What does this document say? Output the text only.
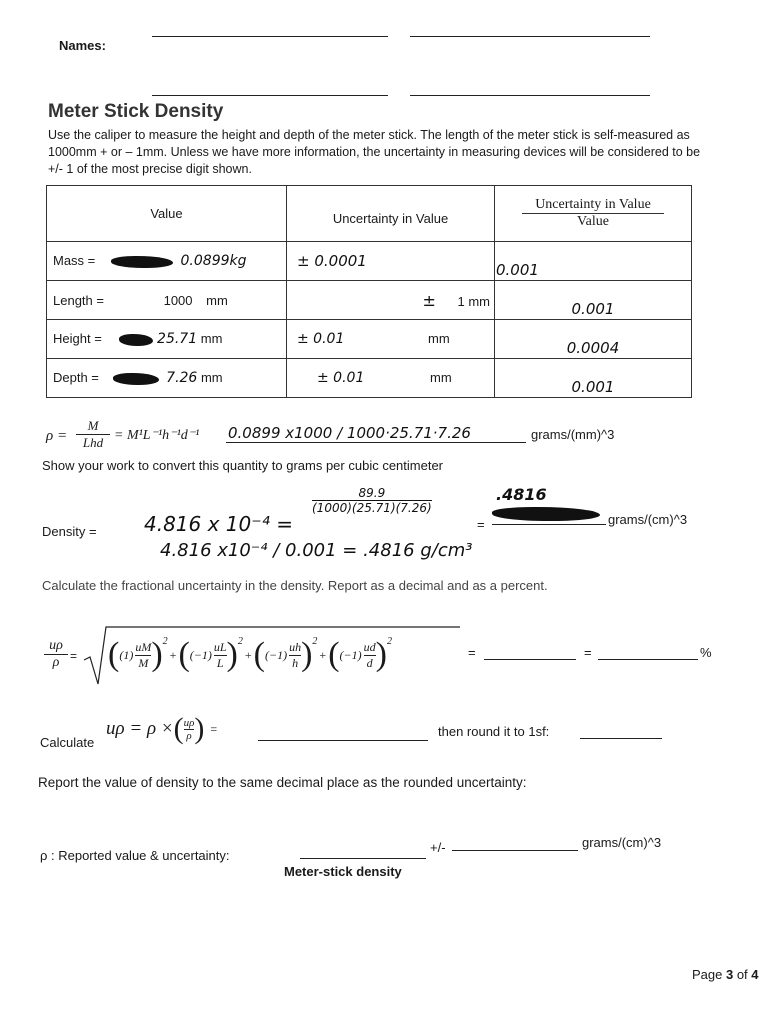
Names:
Meter Stick Density
Use the caliper to measure the height and depth of the meter stick. The length of the meter stick is self-measured as 1000mm + or – 1mm. Unless we have more information, the uncertainty in measuring devices will be considered to be +/- 1 of the most precise digit shown.
Value	Uncertainty in Value	Uncertainty in Value
Value

Mass = 0.0899kg	± 0.0001	0.001
Length = 1000 mm	± 1 mm	0.001
Height = 25.71 mm	± 0.01 mm	0.0004
Depth = 7.26 mm	± 0.01 mm	0.001
ρ =
M
Lhd = M¹L⁻¹h⁻¹d⁻¹ 0.0899 x1000 / 1000·25.71·7.26	grams/(mm)^3
Show your work to convert this quantity to grams per cubic centimeter
Density = 4.816 x 10⁻⁴ =
$\frac{89.9}{(1000)(25.71)(7.26)}$
4.816 x10⁻⁴ / 0.001 = .4816 g/cm³
=
.4816
grams/(cm)^3
Calculate the fractional uncertainty in the density. Report as a decimal and as a percent.
$\frac{u\rho}{\rho}$ = ( $(1) \frac{uM}{M} )^2$
+ ( $(-1) \frac{uL}{L} )^2$
+ ( $(-1) \frac{uh}{h} )^2$
+ ( $(-1) \frac{ud}{d} )^2$
=	=	%
Calculate
uρ = ρ × ( $\frac{u\rho}{\rho}$ ) =	then round it to 1sf:
Report the value of density to the same decimal place as the rounded uncertainty:
ρ : Reported value & uncertainty:
+/-	grams/(cm)^3
Meter-stick density
Page 3 of 4
